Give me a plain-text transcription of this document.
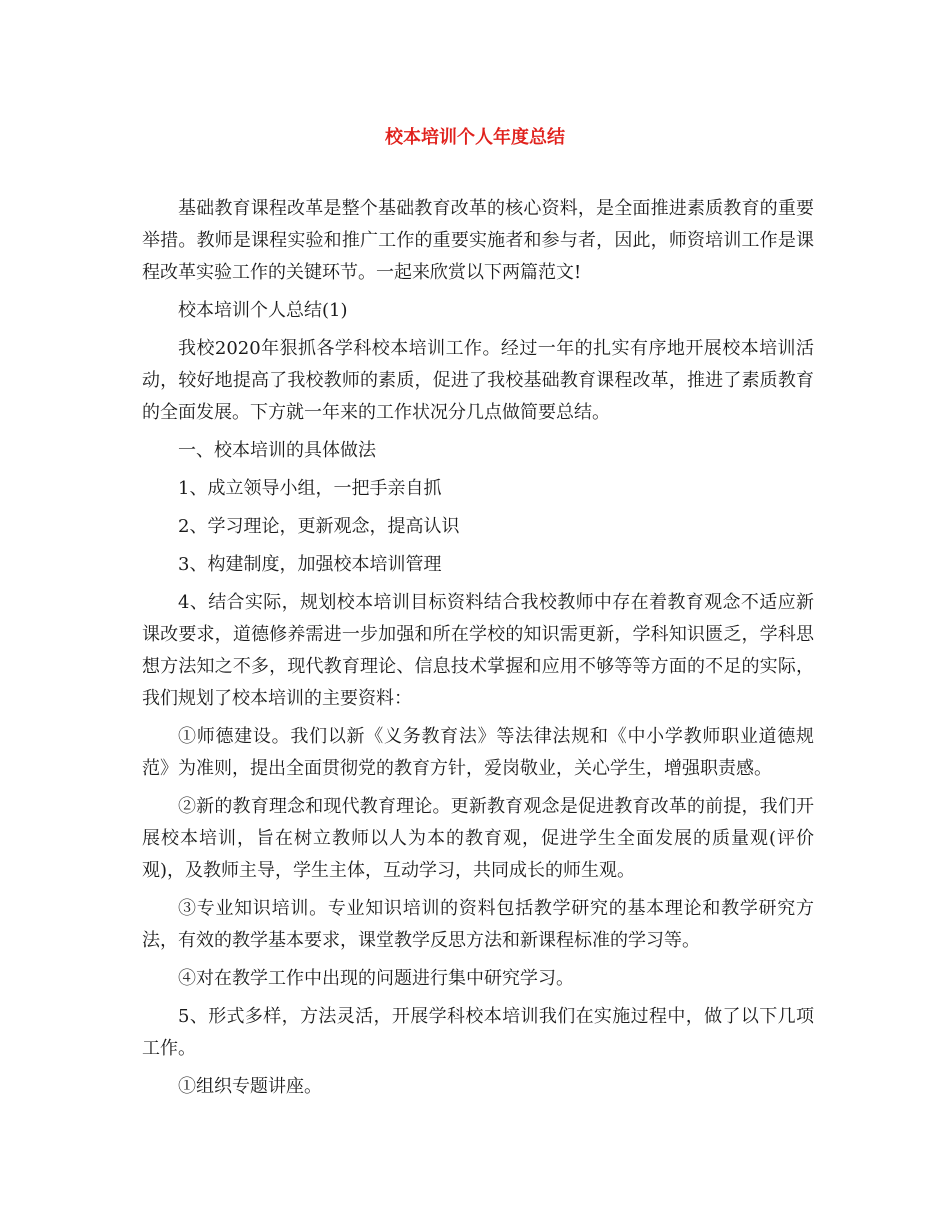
校本培训个人年度总结

基础教育课程改革是整个基础教育改革的核心资料，是全面推进素质教育的重要举措。教师是课程实验和推广工作的重要实施者和参与者，因此，师资培训工作是课程改革实验工作的关键环节。一起来欣赏以下两篇范文!

校本培训个人总结(1)

我校2020年狠抓各学科校本培训工作。经过一年的扎实有序地开展校本培训活动，较好地提高了我校教师的素质，促进了我校基础教育课程改革，推进了素质教育的全面发展。下方就一年来的工作状况分几点做简要总结。

一、校本培训的具体做法

1、成立领导小组，一把手亲自抓

2、学习理论，更新观念，提高认识

3、构建制度，加强校本培训管理

4、结合实际，规划校本培训目标资料结合我校教师中存在着教育观念不适应新课改要求，道德修养需进一步加强和所在学校的知识需更新，学科知识匮乏，学科思想方法知之不多，现代教育理论、信息技术掌握和应用不够等等方面的不足的实际，我们规划了校本培训的主要资料：

①师德建设。我们以新《义务教育法》等法律法规和《中小学教师职业道德规范》为准则，提出全面贯彻党的教育方针，爱岗敬业，关心学生，增强职责感。

②新的教育理念和现代教育理论。更新教育观念是促进教育改革的前提，我们开展校本培训，旨在树立教师以人为本的教育观，促进学生全面发展的质量观(评价观)，及教师主导，学生主体，互动学习，共同成长的师生观。

③专业知识培训。专业知识培训的资料包括教学研究的基本理论和教学研究方法，有效的教学基本要求，课堂教学反思方法和新课程标准的学习等。

④对在教学工作中出现的问题进行集中研究学习。

5、形式多样，方法灵活，开展学科校本培训我们在实施过程中，做了以下几项工作。

①组织专题讲座。
